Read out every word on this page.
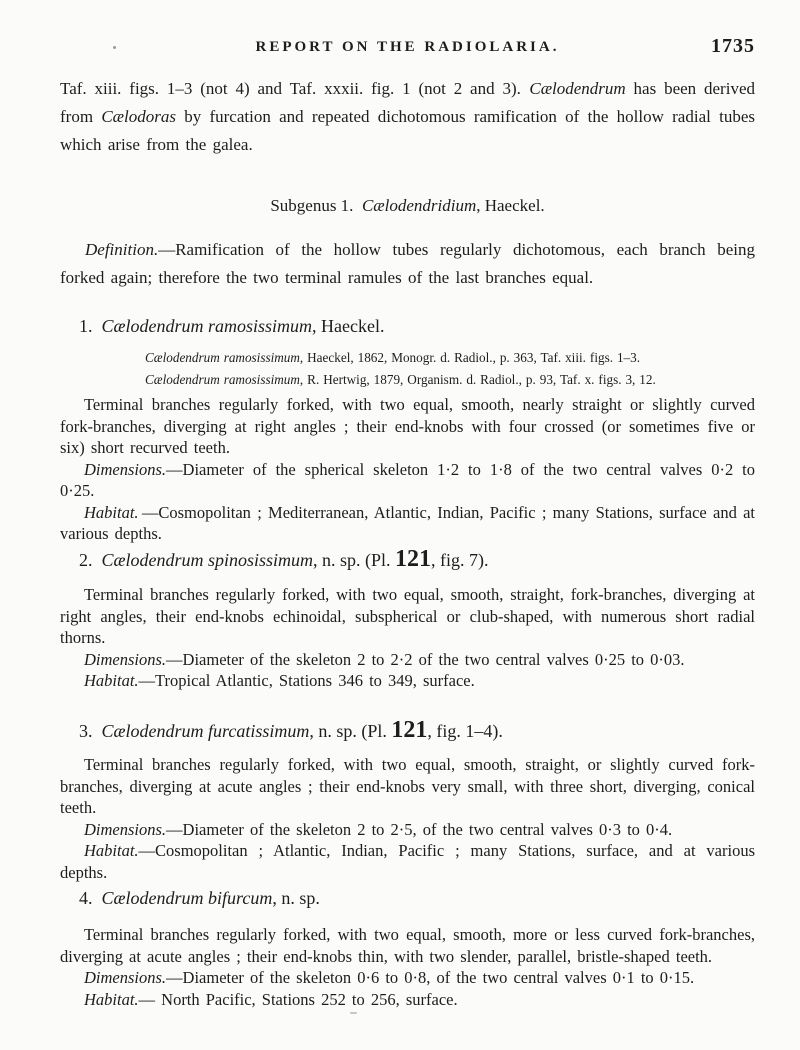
REPORT ON THE RADIOLARIA.	1735

Taf. xiii. figs. 1–3 (not 4) and Taf. xxxii. fig. 1 (not 2 and 3). Cælodendrum has been derived from Cælodoras by furcation and repeated dichotomous ramification of the hollow radial tubes which arise from the galea.

Subgenus 1.  Cælodendridium, Haeckel.

Definition.—Ramification of the hollow tubes regularly dichotomous, each branch being forked again; therefore the two terminal ramules of the last branches equal.

1.  Cælodendrum ramosissimum, Haeckel.

Cælodendrum ramosissimum, Haeckel, 1862, Monogr. d. Radiol., p. 363, Taf. xiii. figs. 1–3.

Cælodendrum ramosissimum, R. Hertwig, 1879, Organism. d. Radiol., p. 93, Taf. x. figs. 3, 12.

Terminal branches regularly forked, with two equal, smooth, nearly straight or slightly curved fork-branches, diverging at right angles ; their end-knobs with four crossed (or sometimes five or six) short recurved teeth.

Dimensions.—Diameter of the spherical skeleton 1·2 to 1·8 of the two central valves 0·2 to 0·25.

Habitat. —Cosmopolitan ; Mediterranean, Atlantic, Indian, Pacific ; many Stations, surface and at various depths.

2.  Cælodendrum spinosissimum, n. sp. (Pl. 121, fig. 7).

Terminal branches regularly forked, with two equal, smooth, straight, fork-branches, diverging at right angles, their end-knobs echinoidal, subspherical or club-shaped, with numerous short radial thorns.

Dimensions.—Diameter of the skeleton 2 to 2·2 of the two central valves 0·25 to 0·03.

Habitat.—Tropical Atlantic, Stations 346 to 349, surface.

3.  Cælodendrum furcatissimum, n. sp. (Pl. 121, fig. 1–4).

Terminal branches regularly forked, with two equal, smooth, straight, or slightly curved fork-branches, diverging at acute angles ; their end-knobs very small, with three short, diverging, conical teeth.

Dimensions.—Diameter of the skeleton 2 to 2·5, of the two central valves 0·3 to 0·4.

Habitat.—Cosmopolitan ; Atlantic, Indian, Pacific ; many Stations, surface, and at various depths.

4.  Cælodendrum bifurcum, n. sp.

Terminal branches regularly forked, with two equal, smooth, more or less curved fork-branches, diverging at acute angles ; their end-knobs thin, with two slender, parallel, bristle-shaped teeth.

Dimensions.—Diameter of the skeleton 0·6 to 0·8, of the two central valves 0·1 to 0·15.

Habitat.— North Pacific, Stations 252 to 256, surface.
